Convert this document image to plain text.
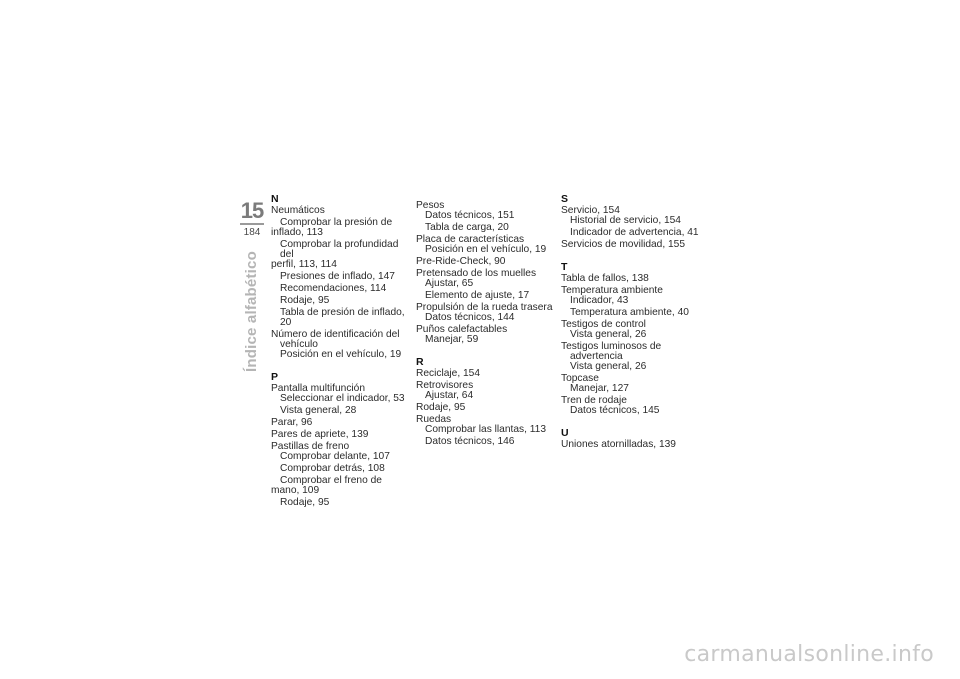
15
184
Índice alfabético
N
Neumáticos
Comprobar la presión de
inflado, 113
Comprobar la profundidad del
perfil, 113, 114
Presiones de inflado, 147
Recomendaciones, 114
Rodaje, 95
Tabla de presión de inflado, 20
Número de identificación del
vehículo
Posición en el vehículo, 19
P
Pantalla multifunción
Seleccionar el indicador, 53
Vista general, 28
Parar, 96
Pares de apriete, 139
Pastillas de freno
Comprobar delante, 107
Comprobar detrás, 108
Comprobar el freno de
mano, 109
Rodaje, 95
Pesos
Datos técnicos, 151
Tabla de carga, 20
Placa de características
Posición en el vehículo, 19
Pre-Ride-Check, 90
Pretensado de los muelles
Ajustar, 65
Elemento de ajuste, 17
Propulsión de la rueda trasera
Datos técnicos, 144
Puños calefactables
Manejar, 59
R
Reciclaje, 154
Retrovisores
Ajustar, 64
Rodaje, 95
Ruedas
Comprobar las llantas, 113
Datos técnicos, 146
S
Servicio, 154
Historial de servicio, 154
Indicador de advertencia, 41
Servicios de movilidad, 155
T
Tabla de fallos, 138
Temperatura ambiente
Indicador, 43
Temperatura ambiente, 40
Testigos de control
Vista general, 26
Testigos luminosos de
advertencia
Vista general, 26
Topcase
Manejar, 127
Tren de rodaje
Datos técnicos, 145
U
Uniones atornilladas, 139
carmanualsonline.info
